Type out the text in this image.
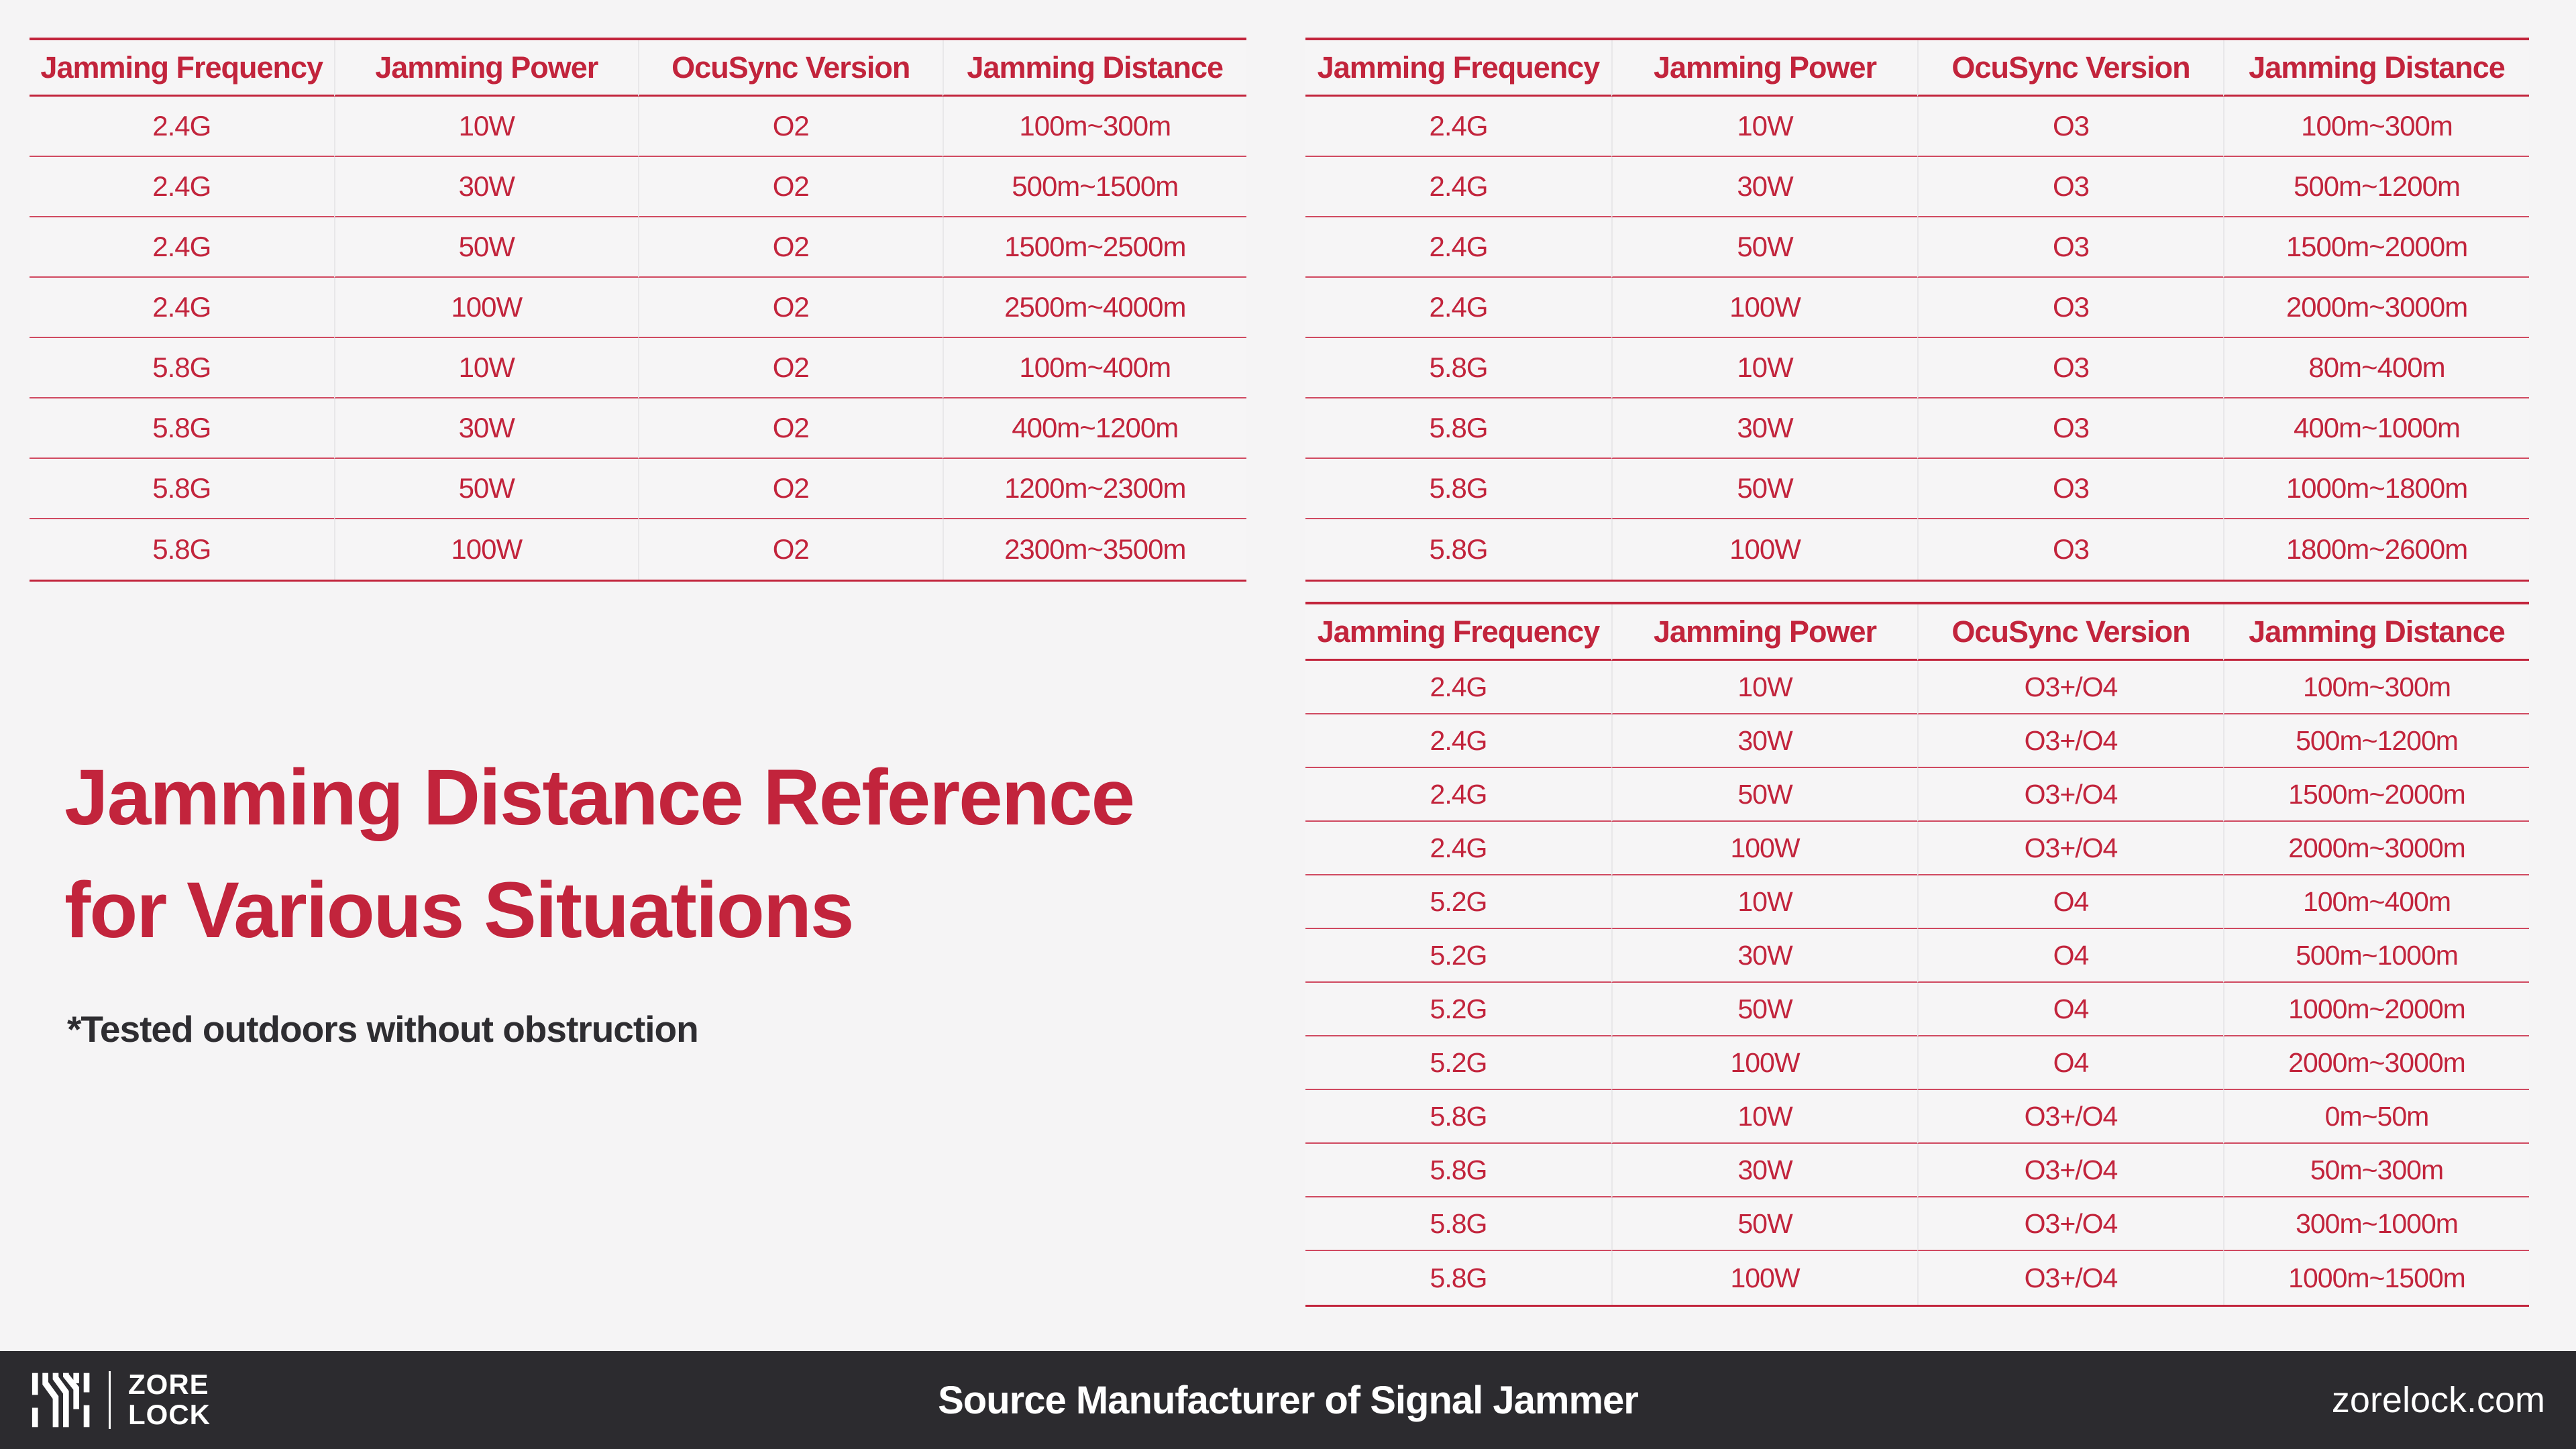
Jamming Frequency	Jamming Power	OcuSync Version	Jamming Distance
2.4G	10W	O2	100m~300m
2.4G	30W	O2	500m~1500m
2.4G	50W	O2	1500m~2500m
2.4G	100W	O2	2500m~4000m
5.8G	10W	O2	100m~400m
5.8G	30W	O2	400m~1200m
5.8G	50W	O2	1200m~2300m
5.8G	100W	O2	2300m~3500m
Jamming Frequency	Jamming Power	OcuSync Version	Jamming Distance
2.4G	10W	O3	100m~300m
2.4G	30W	O3	500m~1200m
2.4G	50W	O3	1500m~2000m
2.4G	100W	O3	2000m~3000m
5.8G	10W	O3	80m~400m
5.8G	30W	O3	400m~1000m
5.8G	50W	O3	1000m~1800m
5.8G	100W	O3	1800m~2600m
Jamming Frequency	Jamming Power	OcuSync Version	Jamming Distance
2.4G	10W	O3+/O4	100m~300m
2.4G	30W	O3+/O4	500m~1200m
2.4G	50W	O3+/O4	1500m~2000m
2.4G	100W	O3+/O4	2000m~3000m
5.2G	10W	O4	100m~400m
5.2G	30W	O4	500m~1000m
5.2G	50W	O4	1000m~2000m
5.2G	100W	O4	2000m~3000m
5.8G	10W	O3+/O4	0m~50m
5.8G	30W	O3+/O4	50m~300m
5.8G	50W	O3+/O4	300m~1000m
5.8G	100W	O3+/O4	1000m~1500m
Jamming Distance Reference for Various Situations
*Tested outdoors without obstruction
ZORE
LOCK	Source Manufacturer of Signal Jammer	zorelock.com
